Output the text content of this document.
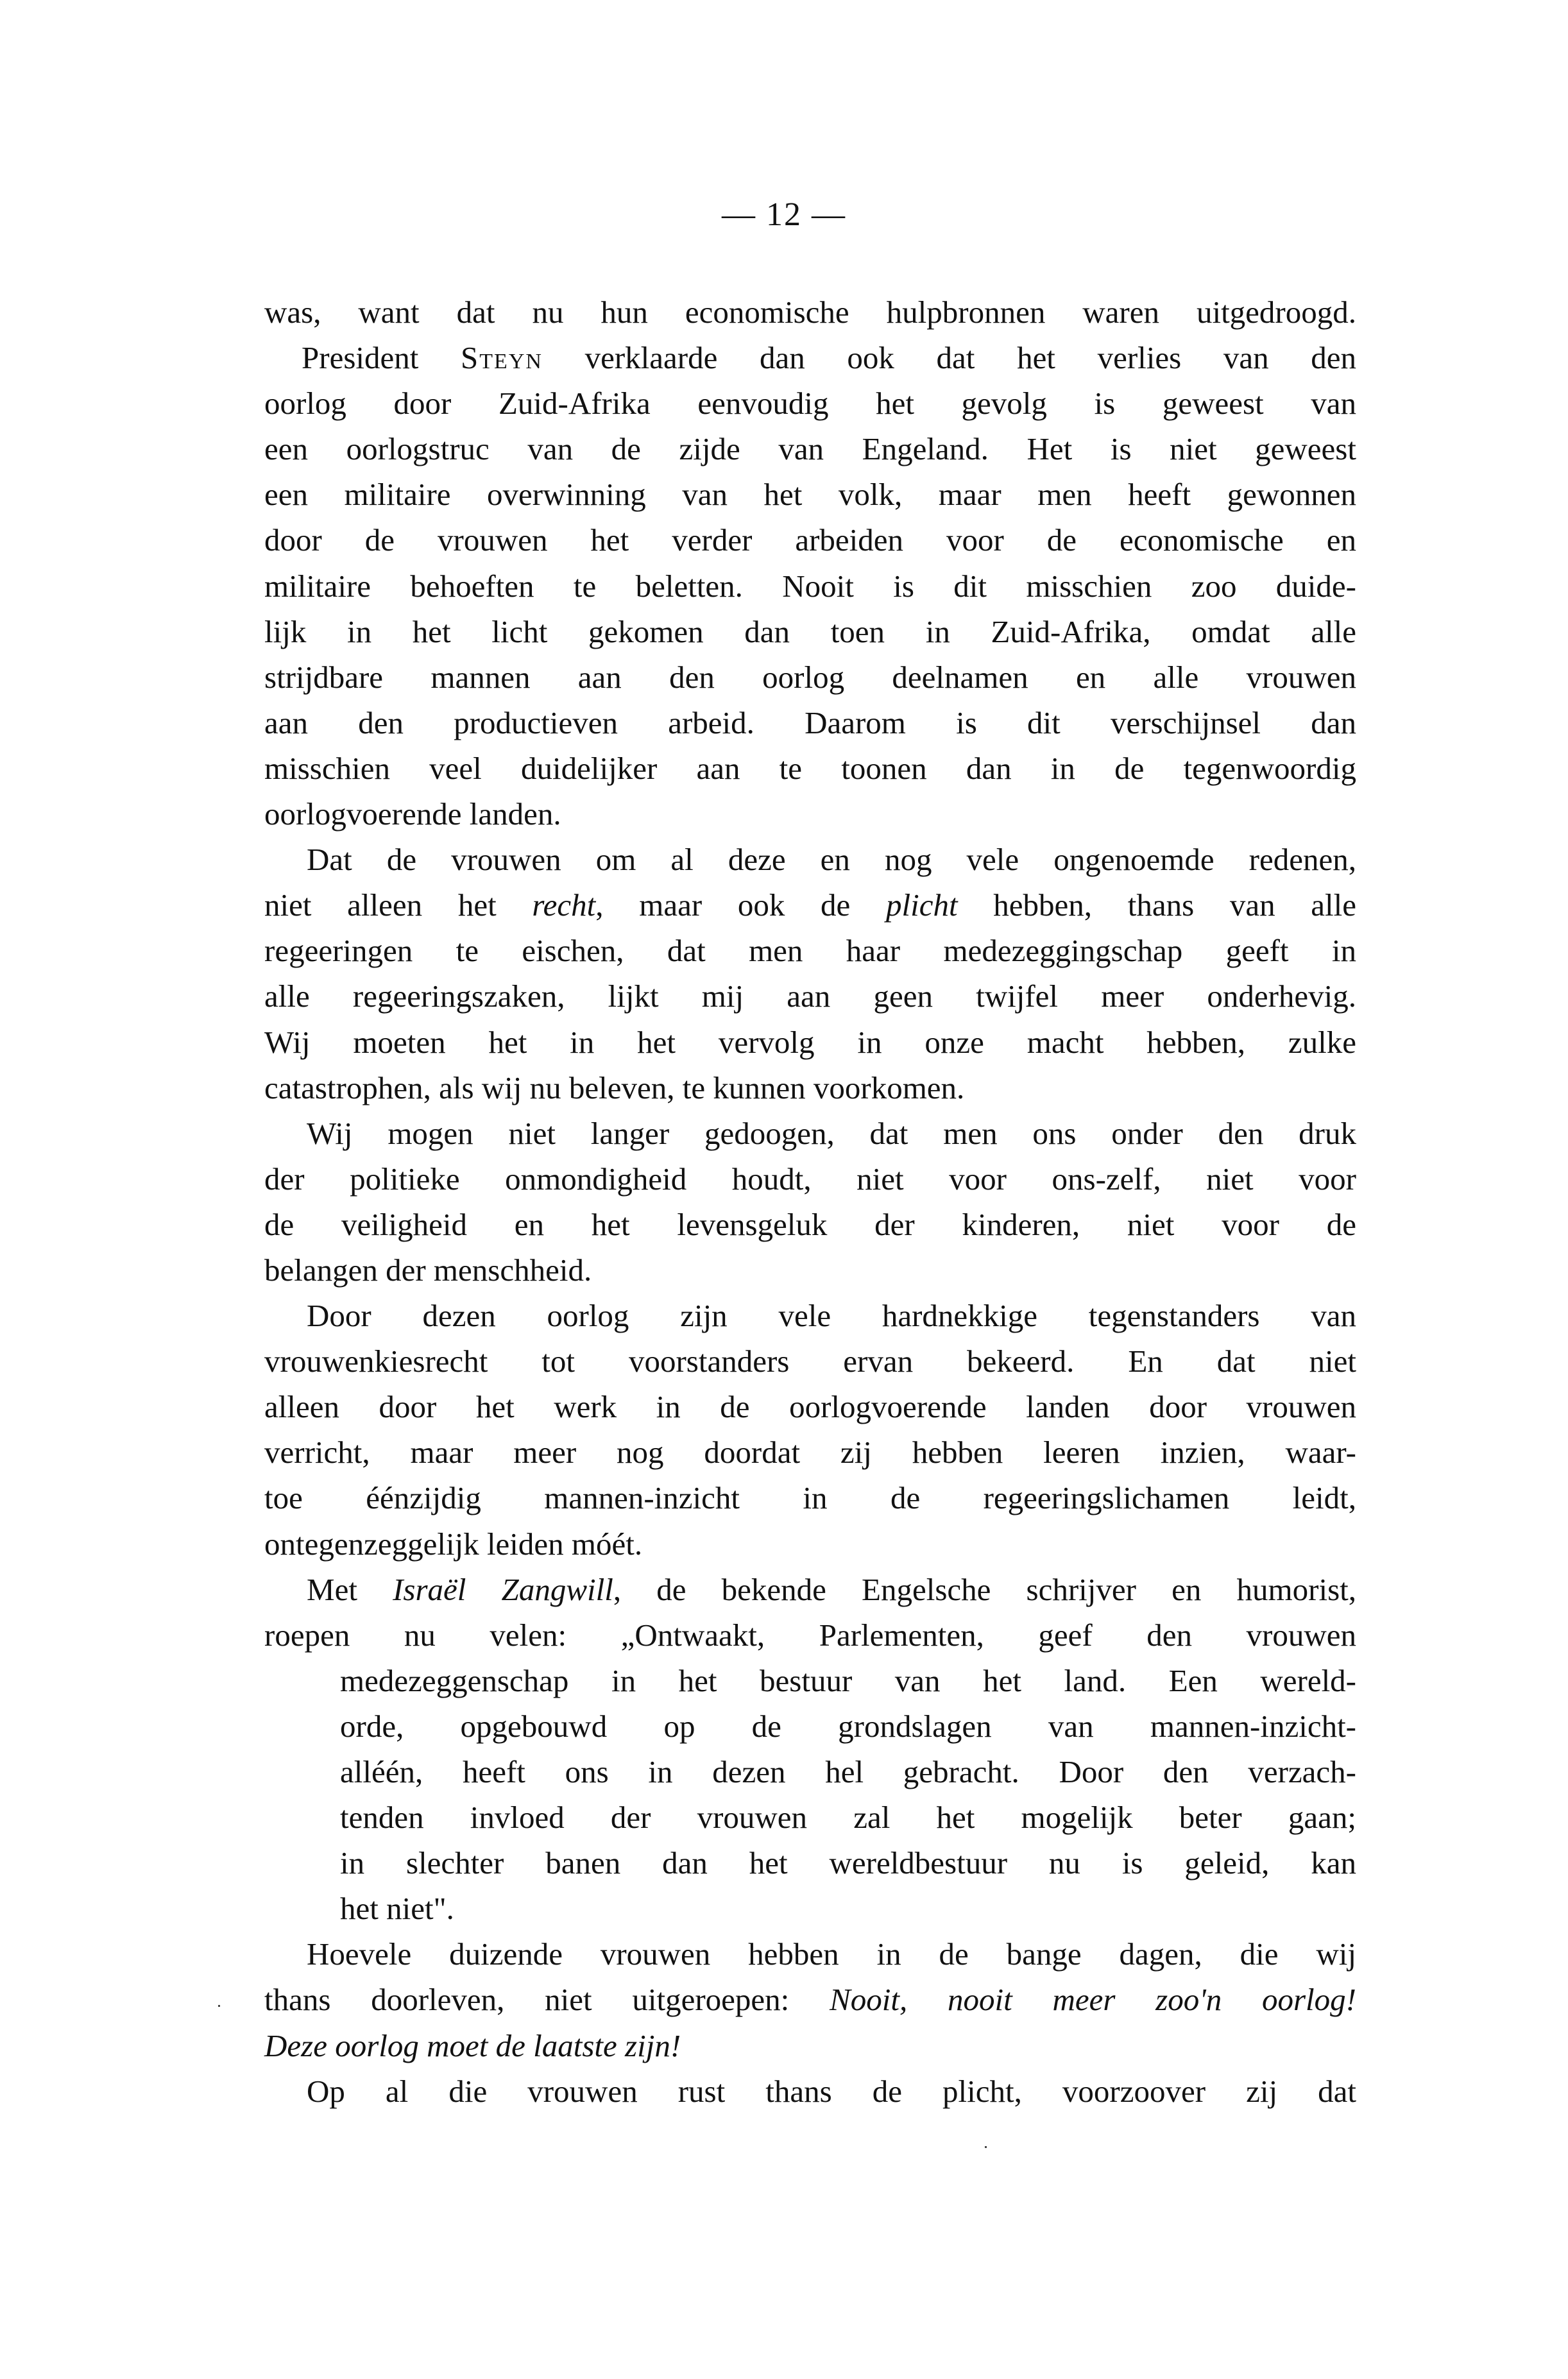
— 12 —
was, want dat nu hun economische hulpbronnen waren uitgedroogd.
President Steyn verklaarde dan ook dat het verlies van den
oorlog door Zuid-Afrika eenvoudig het gevolg is geweest van
een oorlogstruc van de zijde van Engeland. Het is niet geweest
een militaire overwinning van het volk, maar men heeft gewonnen
door de vrouwen het verder arbeiden voor de economische en
militaire behoeften te beletten. Nooit is dit misschien zoo duide-
lijk in het licht gekomen dan toen in Zuid-Afrika, omdat alle
strijdbare mannen aan den oorlog deelnamen en alle vrouwen
aan den productieven arbeid. Daarom is dit verschijnsel dan
misschien veel duidelijker aan te toonen dan in de tegenwoordig
oorlogvoerende landen.
Dat de vrouwen om al deze en nog vele ongenoemde redenen,
niet alleen het recht, maar ook de plicht hebben, thans van alle
regeeringen te eischen, dat men haar medezeggingschap geeft in
alle regeeringszaken, lijkt mij aan geen twijfel meer onderhevig.
Wij moeten het in het vervolg in onze macht hebben, zulke
catastrophen, als wij nu beleven, te kunnen voorkomen.
Wij mogen niet langer gedoogen, dat men ons onder den druk
der politieke onmondigheid houdt, niet voor ons-zelf, niet voor
de veiligheid en het levensgeluk der kinderen, niet voor de
belangen der menschheid.
Door dezen oorlog zijn vele hardnekkige tegenstanders van
vrouwenkiesrecht tot voorstanders ervan bekeerd. En dat niet
alleen door het werk in de oorlogvoerende landen door vrouwen
verricht, maar meer nog doordat zij hebben leeren inzien, waar-
toe éénzijdig mannen-inzicht in de regeeringslichamen leidt,
ontegenzeggelijk leiden móét.
Met Israël Zangwill, de bekende Engelsche schrijver en humorist,
roepen nu velen: „Ontwaakt, Parlementen, geef den vrouwen
medezeggenschap in het bestuur van het land. Een wereld-
orde, opgebouwd op de grondslagen van mannen-inzicht-
alléén, heeft ons in dezen hel gebracht. Door den verzach-
tenden invloed der vrouwen zal het mogelijk beter gaan;
in slechter banen dan het wereldbestuur nu is geleid, kan
het niet".
Hoevele duizende vrouwen hebben in de bange dagen, die wij
thans doorleven, niet uitgeroepen: Nooit, nooit meer zoo'n oorlog!
Deze oorlog moet de laatste zijn!
Op al die vrouwen rust thans de plicht, voorzoover zij dat
